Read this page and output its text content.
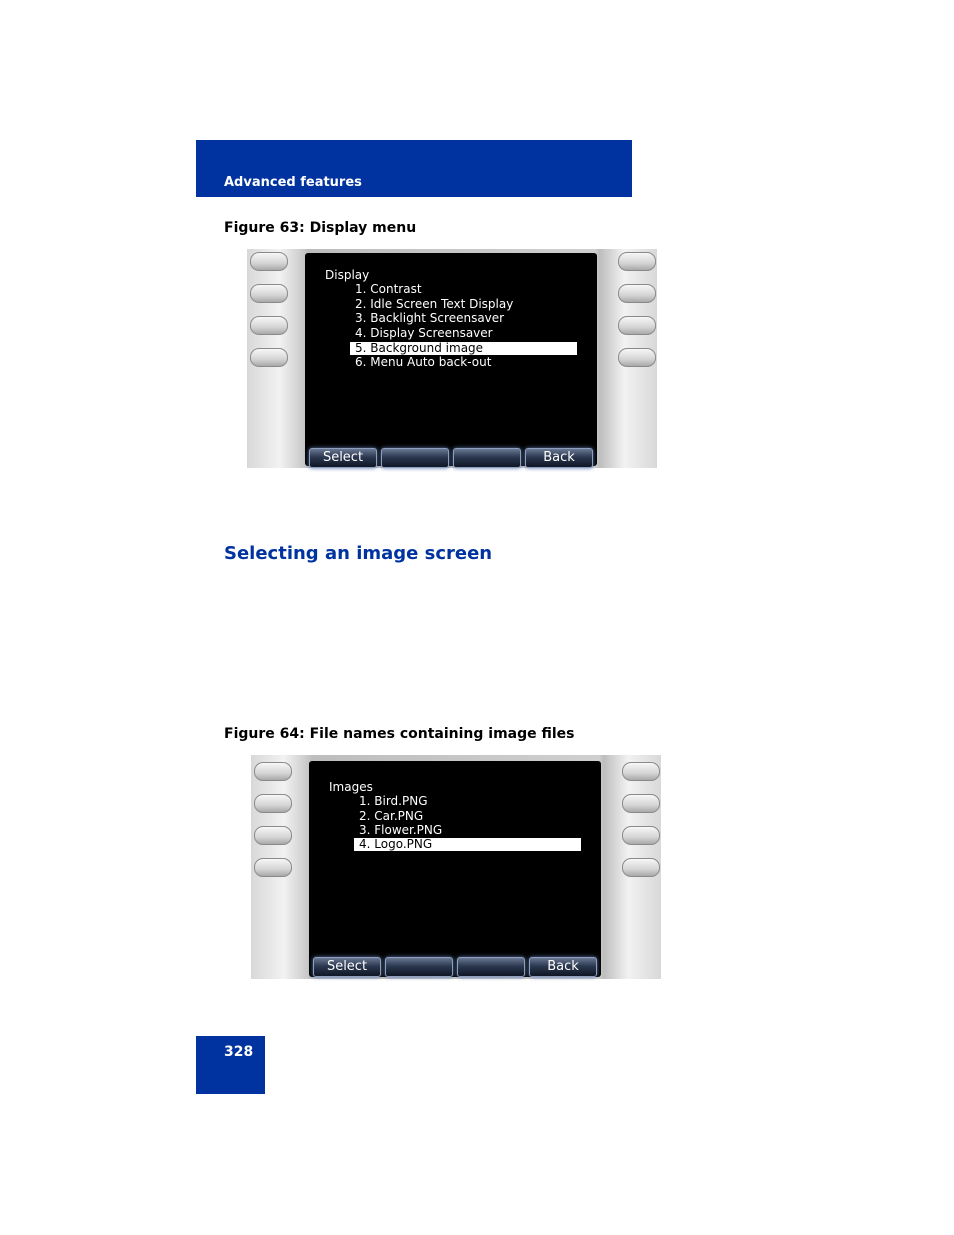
Advanced features
Figure 63: Display menu
Display
1. Contrast
2. Idle Screen Text Display
3. Backlight Screensaver
4. Display Screensaver
5. Background image
6. Menu Auto back-out
Select	Back
Selecting an image screen
Figure 64: File names containing image files
Images
1. Bird.PNG
2. Car.PNG
3. Flower.PNG
4. Logo.PNG
Select	Back
328
